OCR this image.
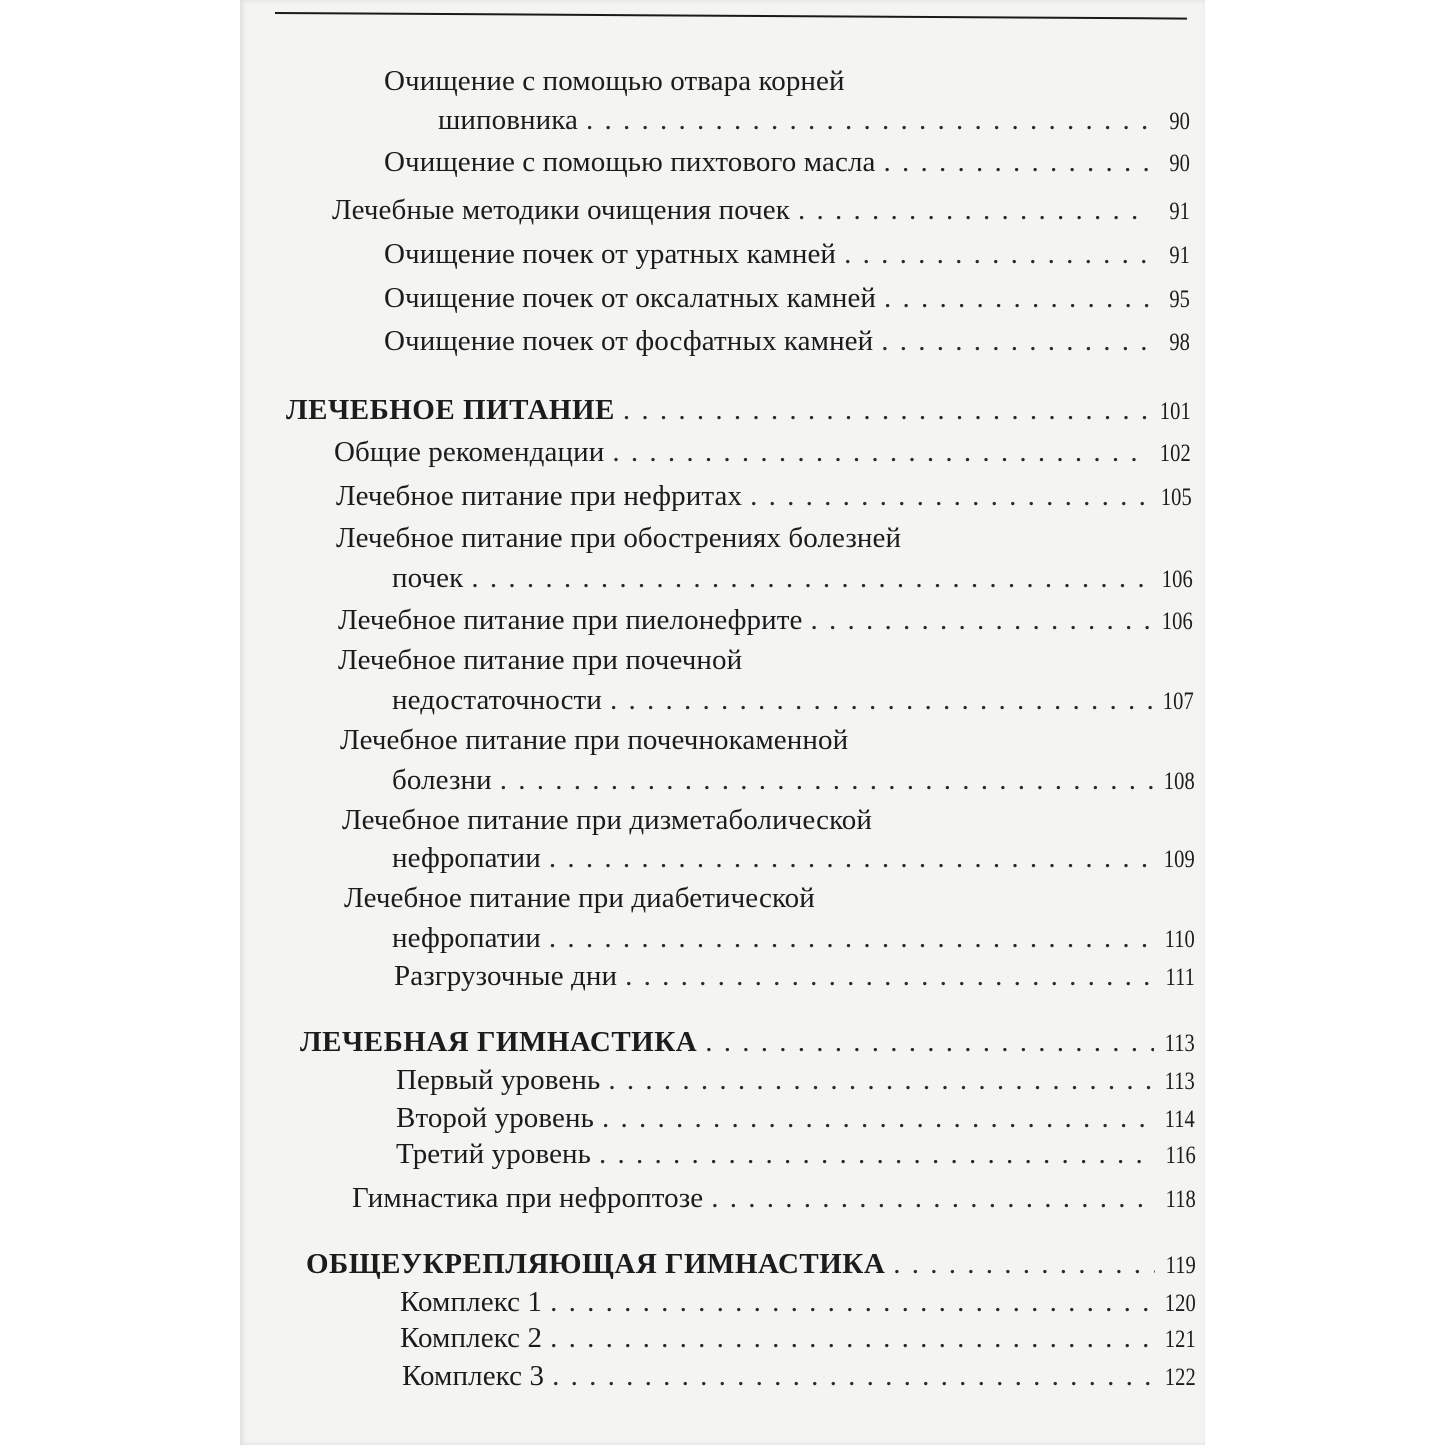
Очищение с помощью отвара корней
шиповника . . .	90
Очищение с помощью пихтового масла . . .	90
Лечебные методики очищения почек . . .	91
Очищение почек от уратных камней . . .	91
Очищение почек от оксалатных камней . . .	95
Очищение почек от фосфатных камней . . .	98
ЛЕЧЕБНОЕ ПИТАНИЕ . . .	101
Общие рекомендации . . .	102
Лечебное питание при нефритах . . .	105
Лечебное питание при обострениях болезней
почек . . .	106
Лечебное питание при пиелонефрите . . .	106
Лечебное питание при почечной
недостаточности . . .	107
Лечебное питание при почечнокаменной
болезни . . .	108
Лечебное питание при дизметаболической
нефропатии . . .	109
Лечебное питание при диабетической
нефропатии . . .	110
Разгрузочные дни . . .	111
ЛЕЧЕБНАЯ ГИМНАСТИКА . . .	113
Первый уровень . . .	113
Второй уровень . . .	114
Третий уровень . . .	116
Гимнастика при нефроптозе . . .	118
ОБЩЕУКРЕПЛЯЮЩАЯ ГИМНАСТИКА . . .	119
Комплекс 1 . . .	120
Комплекс 2 . . .	121
Комплекс 3 . . .	122
